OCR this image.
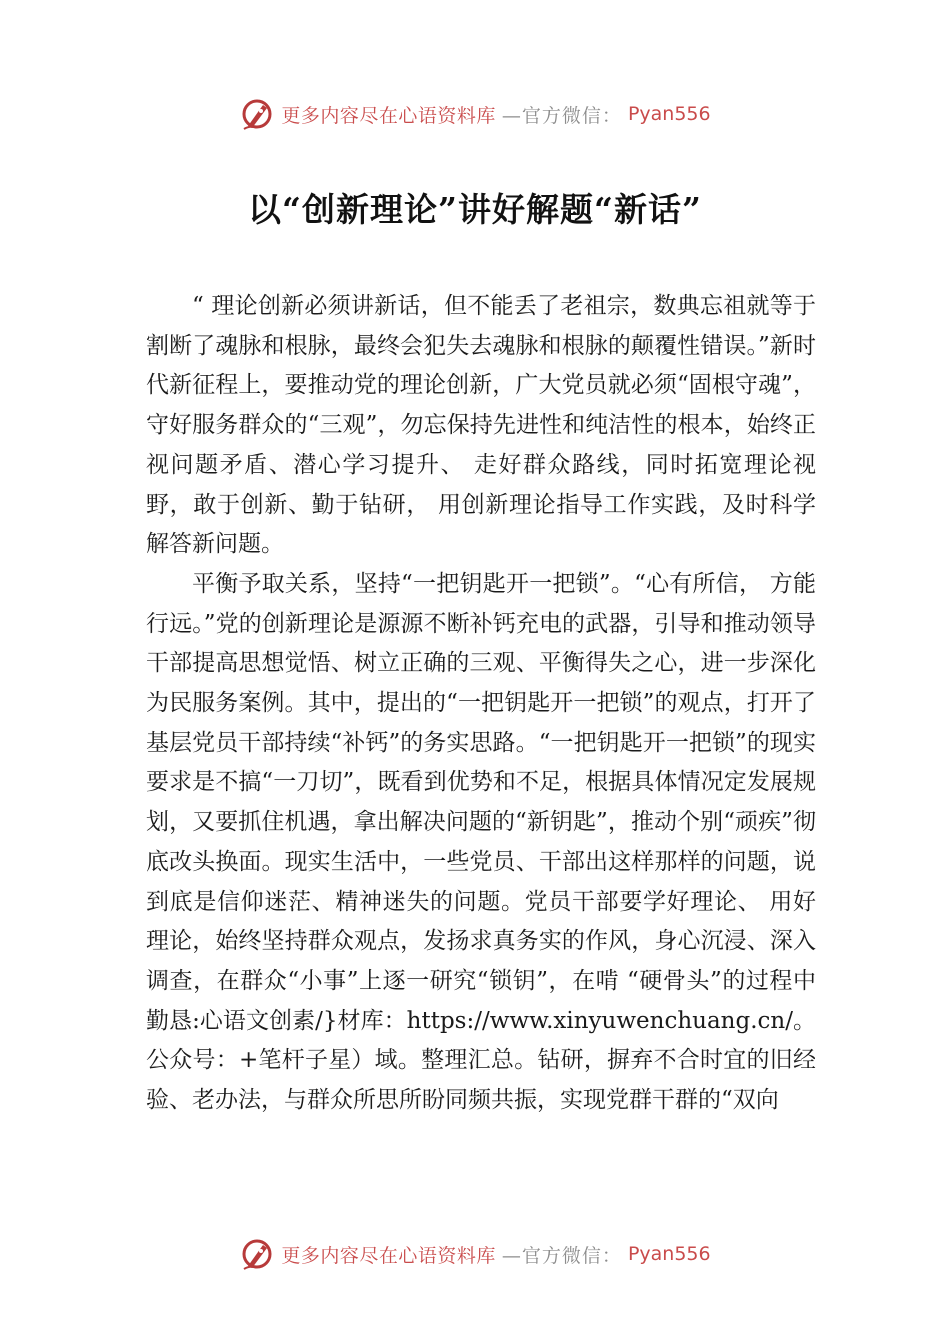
更多内容尽在心语资料库 —官方微信： Pyan556
以“创新理论”讲好解题“新话”

“ 理论创新必须讲新话，但不能丢了老祖宗，数典忘祖就等于割断了魂脉和根脉，最终会犯失去魂脉和根脉的颠覆性错误。”新时代新征程上，要推动党的理论创新，广大党员就必须“固根守魂”，守好服务群众的“三观”，勿忘保持先进性和纯洁性的根本，始终正视问题矛盾、潜心学习提升、 走好群众路线，同时拓宽理论视野，敢于创新、勤于钻研， 用创新理论指导工作实践，及时科学解答新问题。

平衡予取关系，坚持“一把钥匙开一把锁”。“心有所信， 方能行远。”党的创新理论是源源不断补钙充电的武器，引导和推动领导干部提高思想觉悟、树立正确的三观、平衡得失之心，进一步深化为民服务案例。其中，提出的“一把钥匙开一把锁”的观点，打开了基层党员干部持续“补钙”的务实思路。“一把钥匙开一把锁”的现实要求是不搞“一刀切”，既看到优势和不足，根据具体情况定发展规划，又要抓住机遇，拿出解决问题的“新钥匙”，推动个别“顽疾”彻底改头换面。现实生活中，一些党员、干部出这样那样的问题，说到底是信仰迷茫、精神迷失的问题。党员干部要学好理论、 用好理论，始终坚持群众观点，发扬求真务实的作风，身心沉浸、深入调查，在群众“小事”上逐一研究“锁钥”，在啃 “硬骨头”的过程中勤恳:心语文创素/}材库：https://www.xinyuwenchuang.cn/。公众号：+笔杆子星）域。整理汇总。钻研，摒弃不合时宜的旧经验、老办法，与群众所思所盼同频共振，实现党群干群的“双向

更多内容尽在心语资料库 —官方微信： Pyan556
